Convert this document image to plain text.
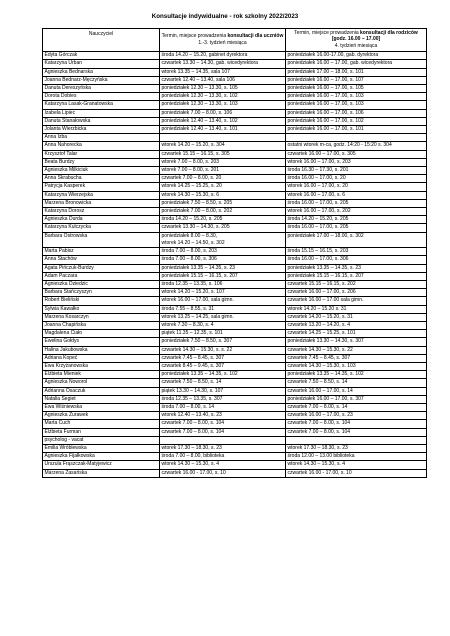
Konsultacje indywidualne - rok szkolny 2022/2023
Nauczyciel	Termin, miejsce prowadzenia konsultacji dla uczniów
1.-3. tydzień miesiąca	Termin, miejsce prowadzenia konsultacji dla rodziców
[godz. 16.00 – 17.00]
4. tydzień miesiąca
Edyta Górczak	środa 14.20 – 15.20, gabinet dyrektora	poniedziałek 16.00-17.00, gab. dyrektora
Katarzyna Urban	czwartek 13.30 – 14.30, gab. wicedyrektora	poniedziałek 16.00 – 17.00, gab. wicedyrektora
Agnieszka Bednarska	wtorek 13.35 – 14.35, sala 107	poniedziałek 17.00 – 18.00, s. 101
Joanna Bednarz-Męczyńska	czwartek 12.40 – 13.40, sala 106	poniedziałek 16.00 – 17.00, s. 107
Danuta Dereszyńska	poniedziałek 12.30 – 13.30, s. 105	poniedziałek 16.00 – 17.00, s. 105
Dorota Dobies	poniedziałek 12.30 – 13.30, s. 102	poniedziałek 16.00 – 17.00, s. 103
Katarzyna Lasak-Granatowska	poniedziałek 12.30 – 13.30, s. 103	poniedziałek 16.00 – 17.00, s. 103
Izabela Lipiec	poniedziałek 7.00 – 8.00, s. 106	poniedziałek 16.00 – 17.00, s. 106
Danuta Stanałowska	poniedziałek 12.40 – 13.40, s. 102	poniedziałek 16.00 – 17.00, s. 102
Jolanta Wierzbicka	poniedziałek 12.40 – 13.40, s. 101	poniedziałek 16.00 – 17.00, s. 101
Anna Izba		
Anna Nahorecka	wtorek 14.20 – 15.20, s. 304	ostatni wtorek m-ca, godz. 14:20 - 15:20 s. 304
Krzysztof Talar	czwartek 15.15 – 16.15, s. 305	czwartek 16.00 – 17.00, s. 305
Beata Burdzy	wtorek 7.00 – 8.00, s. 203	wtorek 16.00 – 17.00, s. 203
Agnieszka Milkiciuk	wtorek 7.00 – 8.00, s. 201	środa 16.30 – 17.30, s. 201
Anna Skrabucha	czwartek 7.00 – 8.00, s. 20	środa 16.00 – 17.00, s. 20
Patrycja Kasperek	wtorek 14.25 – 15.25, s. 20	wtorek 16.00 – 17.00, s. 20
Katarzyna Wierzejska	wtorek 14.30 – 15.30, s. 6	wtorek 16.00 – 17.00, s. 6
Marzena Bronowicka	poniedziałek 7.50 – 8.50, s. 205	środa 16.00 – 17.00, s. 205
Katarzyna Dorosz	poniedziałek 7.00 – 8.00, s. 202	wtorek 16.00 – 17.00, s. 202
Agnieszka Durda	środa 14.20 – 15.20, s. 205	środa 14.20 – 15.20, s. 205
Katarzyna Kulczycka	czwartek 13.30 – 14.30, s. 205	środa 16.00 – 17.00, s. 205
Barbara Ostrowska	poniedziałek 8.00 – 8.30,
wtorek 14.20 – 14.50, s. 302	poniedziałek 17.00 – 18.00, s. 302
Marta Pabisz	środa 7.00 – 8.00, s. 203	środa 15.15 – 16.15, s. 203
Anna Stachów	środa 7.00 – 8.00, s. 306	środa 16.00 – 17.00, s. 306
Agata Pińczuk-Burdzy	poniedziałek 13.35 – 14.35, s. 23	poniedziałek 13.35 – 14.35, s. 23
Adam Paczara	poniedziałek 15.15 – 16.15, s. 207	poniedziałek 15.15 – 16.15, s. 207
Agnieszka Dziedzic	środa 12.35 – 13.35, s. 106	czwartek 15.15 – 16.15, s. 202
Barbara Stańczyszyn	wtorek 14.20 – 15.20, s. 107	czwartek 16.00 – 17.00, s. 206
Robert Bieliński	wtorek 16.00 – 17.00, sala gimn.	czwartek 16.00 – 17.00 sala gimn.
Sylwia Kawałko	środa 7.55 – 8.55, s. 31	wtorek 14.20 – 15.20 s. 31
Marzena Kosarczyn	wtorek 13.25 – 14.25, sala gimn.	czwartek 14.20 – 15.20, s. 31
Joanna Chapińska	wtorek 7.30 – 8.30, s. 4	czwartek 13.20 – 14.20, s. 4
Magdalena Ciało	piątek 11.35 – 12.35, s. 101	czwartek 14.25 – 15.25, s. 101
Ewelina Gołdys	poniedziałek 7.50 – 8.50, s. 307	poniedziałek 13.30 – 14.30, s. 307
Halina Jakubowska	czwartek 14.30 – 15.30, s. s. 22	czwartek 14.30 – 15.30, s. 22
Adriana Kopeć	czwartek 7.45 – 8.45, s. 307	czwartek 7.45 – 8.45, s. 307
Ewa Krzyżanowska	czwartek 8.45 – 9.45, s. 307	czwartek 14.30 – 15.30, s. 103
Elżbieta Mieniek	poniedziałek 13.35 – 14.35, s. 102	poniedziałek 13.35 – 14.35, s. 102
Agnieszka Noworol	czwartek 7.50 – 8.50, s. 14	czwartek 7.50 – 8.50, s. 14
Adrianna Osaczuk	piątek 13.30 – 14.30, s. 107	czwartek 16.00 – 17.00, s. 14
Natalia Segiet	środa 12.35 – 13.35, s. 307	poniedziałek 16.00 – 17.00, s. 307
Ewa Wiśniewska	środa 7.00 – 8.00, s. 14	czwartek 7.00 – 8.00, s. 14
Agnieszka Żurawek	wtorek 12.40 – 13.40, s. 23	czwartek 16.00 – 17.00, s. 23
Marta Cuch	czwartek 7.00 – 8.00, s. 104	czwartek 7.00 – 8.00, s. 104
Elżbieta Furman	czwartek 7.00 – 8.00, s. 104	czwartek 7.00 – 8.00, s. 104
psycholog - vacat		
Emilia Wróblewska	wtorek 17.30 – 18.30, s. 23	wtorek 17.30 – 18.30, s. 23
Agnieszka Fijałkowska	środa 7.00 – 8.00, biblioteka	środa 12.00 – 13.00 biblioteka
Urszula Frąszczak-Matyjewicz	wtorek 14.30 – 15.30, s. 4	wtorek 14.30 – 15.30, s. 4
Marzena Zasańska	czwartek 16.00 - 17.00, s. 10	czwartek 16.00 - 17.00, s. 10
